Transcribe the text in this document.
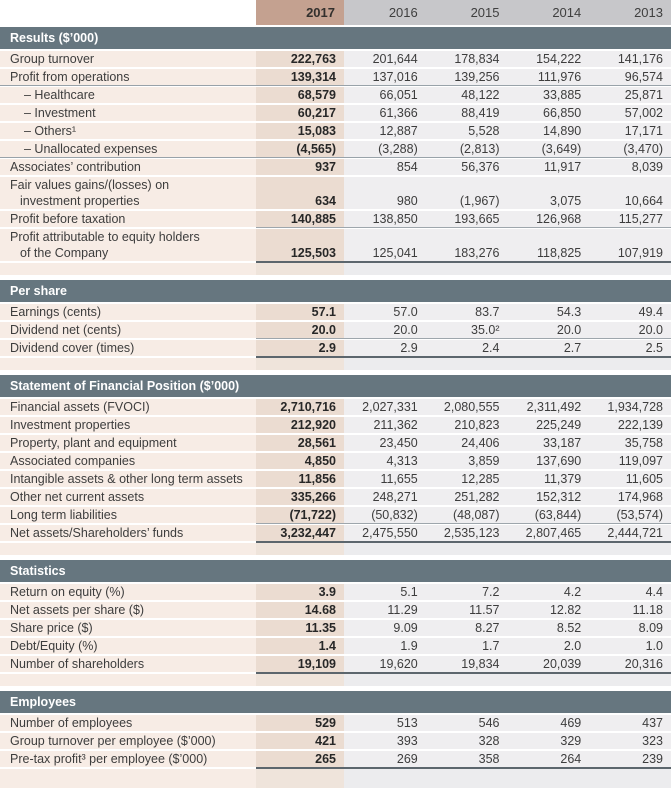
2017	2016	2015	2014	2013
Results ($’000)
Group turnover	222,763	201,644	178,834	154,222	141,176
Profit from operations	139,314	137,016	139,256	111,976	96,574
– Healthcare	68,579	66,051	48,122	33,885	25,871
– Investment	60,217	61,366	88,419	66,850	57,002
– Others¹	15,083	12,887	5,528	14,890	17,171
– Unallocated expenses	(4,565)	(3,288)	(2,813)	(3,649)	(3,470)
Associates’ contribution	937	854	56,376	11,917	8,039
Fair values gains/(losses) on
investment properties	634	980	(1,967)	3,075	10,664
Profit before taxation	140,885	138,850	193,665	126,968	115,277
Profit attributable to equity holders
of the Company	125,503	125,041	183,276	118,825	107,919
Per share
Earnings (cents)	57.1	57.0	83.7	54.3	49.4
Dividend net (cents)	20.0	20.0	35.0²	20.0	20.0
Dividend cover (times)	2.9	2.9	2.4	2.7	2.5
Statement of Financial Position ($’000)
Financial assets (FVOCI)	2,710,716	2,027,331	2,080,555	2,311,492	1,934,728
Investment properties	212,920	211,362	210,823	225,249	222,139
Property, plant and equipment	28,561	23,450	24,406	33,187	35,758
Associated companies	4,850	4,313	3,859	137,690	119,097
Intangible assets & other long term assets	11,856	11,655	12,285	11,379	11,605
Other net current assets	335,266	248,271	251,282	152,312	174,968
Long term liabilities	(71,722)	(50,832)	(48,087)	(63,844)	(53,574)
Net assets/Shareholders’ funds	3,232,447	2,475,550	2,535,123	2,807,465	2,444,721
Statistics
Return on equity (%)	3.9	5.1	7.2	4.2	4.4
Net assets per share ($)	14.68	11.29	11.57	12.82	11.18
Share price ($)	11.35	9.09	8.27	8.52	8.09
Debt/Equity (%)	1.4	1.9	1.7	2.0	1.0
Number of shareholders	19,109	19,620	19,834	20,039	20,316
Employees
Number of employees	529	513	546	469	437
Group turnover per employee ($’000)	421	393	328	329	323
Pre-tax profit³ per employee ($’000)	265	269	358	264	239
